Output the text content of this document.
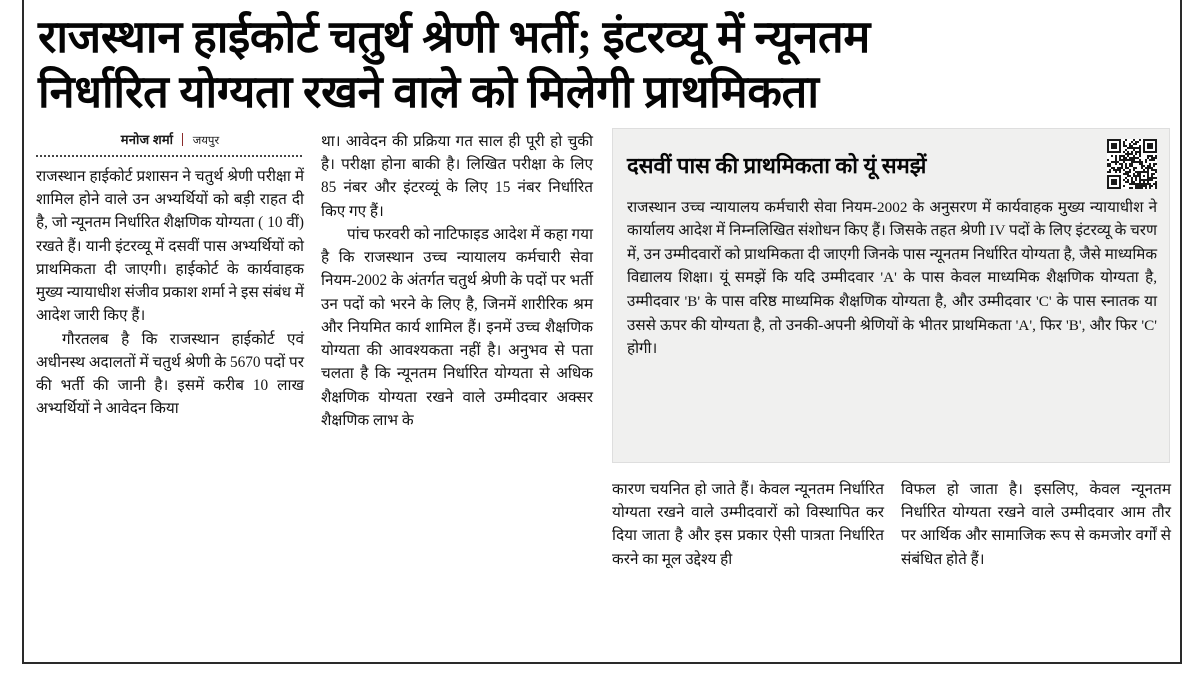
राजस्थान हाईकोर्ट चतुर्थ श्रेणी भर्ती; इंटरव्यू में न्यूनतम
निर्धारित योग्यता रखने वाले को मिलेगी प्राथमिकता
मनोज शर्मा जयपुर

राजस्थान हाईकोर्ट प्रशासन ने चतुर्थ श्रेणी परीक्षा में शामिल होने वाले उन अभ्यर्थियों को बड़ी राहत दी है, जो न्यूनतम निर्धारित शैक्षणिक योग्यता ( 10 वीं) रखते हैं। यानी इंटरव्यू में दसवीं पास अभ्यर्थियों को प्राथमिकता दी जाएगी। हाईकोर्ट के कार्यवाहक मुख्य न्यायाधीश संजीव प्रकाश शर्मा ने इस संबंध में आदेश जारी किए हैं।

गौरतलब है कि राजस्थान हाईकोर्ट एवं अधीनस्थ अदालतों में चतुर्थ श्रेणी के 5670 पदों पर की भर्ती की जानी है। इसमें करीब 10 लाख अभ्यर्थियों ने आवेदन किया

था। आवेदन की प्रक्रिया गत साल ही पूरी हो चुकी है। परीक्षा होना बाकी है। लिखित परीक्षा के लिए 85 नंबर और इंटरव्यूं के लिए 15 नंबर निर्धारित किए गए हैं।

पांच फरवरी को नाटिफाइड आदेश में कहा गया है कि राजस्थान उच्च न्यायालय कर्मचारी सेवा नियम-2002 के अंतर्गत चतुर्थ श्रेणी के पदों पर भर्ती उन पदों को भरने के लिए है, जिनमें शारीरिक श्रम और नियमित कार्य शामिल हैं। इनमें उच्च शैक्षणिक योग्यता की आवश्यकता नहीं है। अनुभव से पता चलता है कि न्यूनतम निर्धारित योग्यता से अधिक शैक्षणिक योग्यता रखने वाले उम्मीदवार अक्सर शैक्षणिक लाभ के

दसवीं पास की प्राथमिकता को यूं समझें
राजस्थान उच्च न्यायालय कर्मचारी सेवा नियम-2002 के अनुसरण में कार्यवाहक मुख्य न्यायाधीश ने कार्यालय आदेश में निम्नलिखित संशोधन किए हैं। जिसके तहत श्रेणी IV पदों के लिए इंटरव्यू के चरण में, उन उम्मीदवारों को प्राथमिकता दी जाएगी जिनके पास न्यूनतम निर्धारित योग्यता है, जैसे माध्यमिक विद्यालय शिक्षा। यूं समझें कि यदि उम्मीदवार 'A' के पास केवल माध्यमिक शैक्षणिक योग्यता है, उम्मीदवार 'B' के पास वरिष्ठ माध्यमिक शैक्षणिक योग्यता है, और उम्मीदवार 'C' के पास स्नातक या उससे ऊपर की योग्यता है, तो उनकी-अपनी श्रेणियों के भीतर प्राथमिकता 'A', फिर 'B', और फिर 'C' होगी।

कारण चयनित हो जाते हैं। केवल न्यूनतम निर्धारित योग्यता रखने वाले उम्मीदवारों को विस्थापित कर दिया जाता है और इस प्रकार ऐसी पात्रता निर्धारित करने का मूल उद्देश्य ही

विफल हो जाता है। इसलिए, केवल न्यूनतम निर्धारित योग्यता रखने वाले उम्मीदवार आम तौर पर आर्थिक और सामाजिक रूप से कमजोर वर्गों से संबंधित होते हैं।
